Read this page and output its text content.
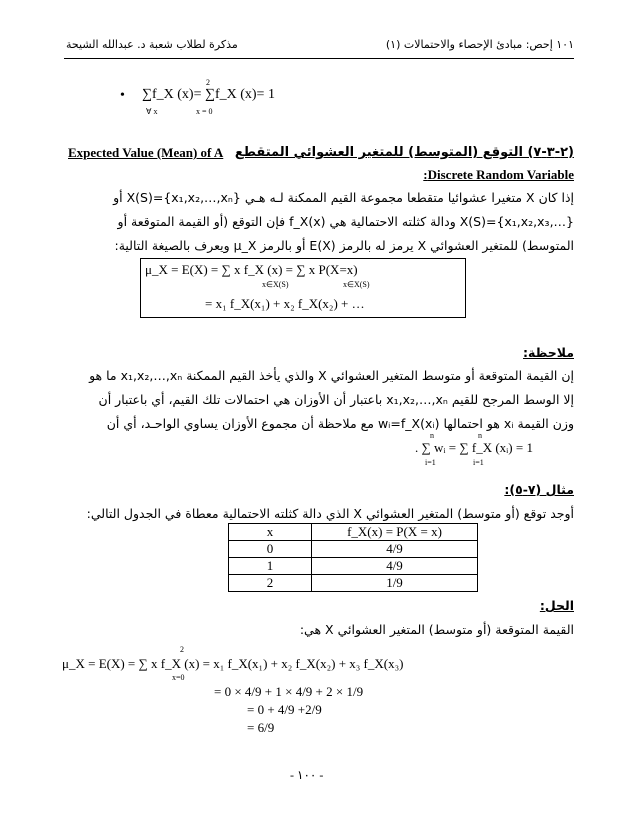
١٠١ إحص: مبادئ الإحصاء والاحتمالات (١)
مذكرة لطلاب شعبة د. عبدالله الشيحة
• ∑f_X (x)= ∑f_X (x)= 1
∀ x
2
x = 0
(٢-٣-٧) التوقع (المتوسط) للمتغير العشوائي المتقطع
Expected Value (Mean) of A
Discrete Random Variable:
إذا كان X متغيرا عشوائيا متقطعا مجموعة القيم الممكنة لـه هـي X(S)={x₁,x₂,…,xₙ} أو
X(S)={x₁,x₂,x₃,…} ودالة كثلته الاحتمالية هي f_X(x) فإن التوقع (أو القيمة المتوقعة أو
المتوسط) للمتغير العشوائي X يرمز له بالرمز E(X) أو بالرمز μ_X ويعرف بالصيغة التالية:
μ_X = E(X) = ∑ x f_X (x) = ∑ x P(X=x)
x∈X(S)	x∈X(S)
= x₁ f_X(x₁) + x₂ f_X(x₂) + …
ملاحظة:
إن القيمة المتوقعة أو متوسط المتغير العشوائي X والذي يأخذ القيم الممكنة x₁,x₂,…,xₙ ما هو
إلا الوسط المرجح للقيم x₁,x₂,…,xₙ باعتبار أن الأوزان هي احتمالات تلك القيم، أي باعتبار أن
وزن القيمة xᵢ هو احتمالها wᵢ=f_X(xᵢ) مع ملاحظة أن مجموع الأوزان يساوي الواحـد، أي أن
. ∑ wᵢ = ∑ f_X (xᵢ) = 1
n	n
i=1	i=1
مثال (٧-٥):
أوجد توقع (أو متوسط) المتغير العشوائي X الذي دالة كثلته الاحتمالية معطاة في الجدول التالي:
x	f_X(x) = P(X = x)
0	4/9
1	4/9
2	1/9
الحل:
القيمة المتوقعة (أو متوسط) المتغير العشوائي X هي:
μ_X = E(X) = ∑ x f_X (x) = x₁ f_X(x₁) + x₂ f_X(x₂) + x₃ f_X(x₃)
2
x=0
= 0 × 4/9 + 1 × 4/9 + 2 × 1/9
= 0 + 4/9 +2/9
= 6/9
- ١٠٠ -
